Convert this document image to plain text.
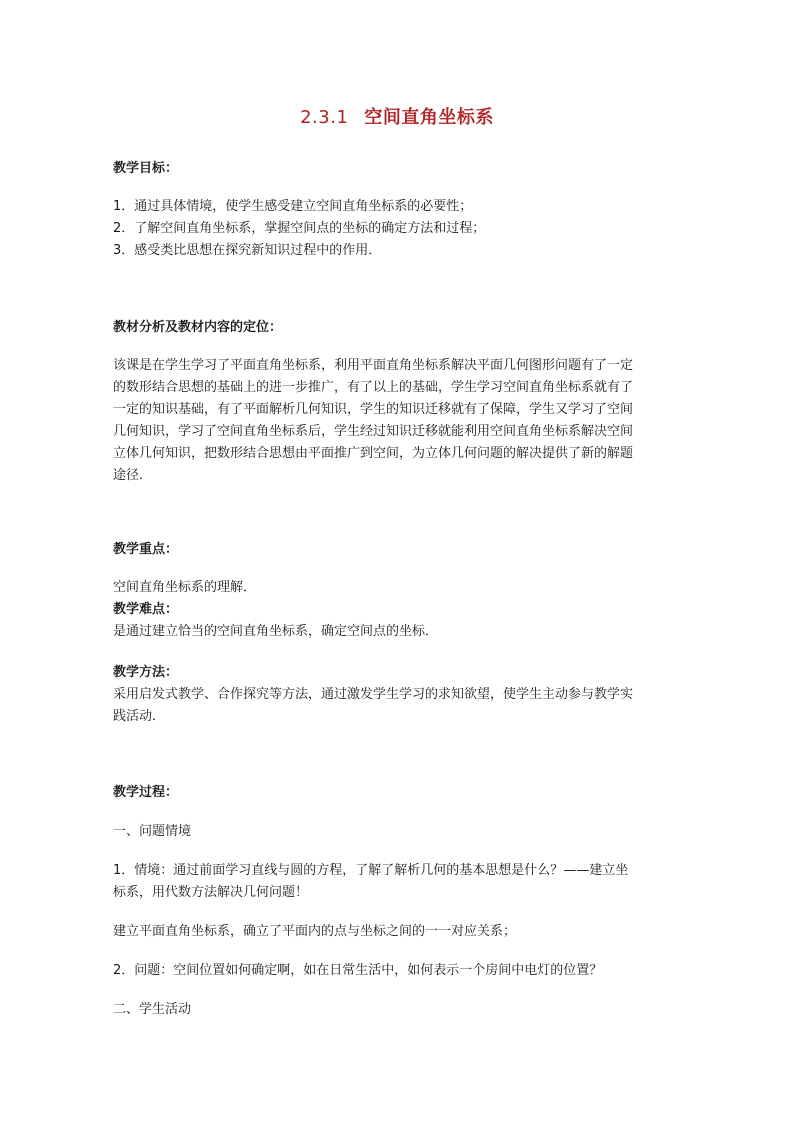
2.3.1 空间直角坐标系
教学目标：

1．通过具体情境，使学生感受建立空间直角坐标系的必要性；

2．了解空间直角坐标系，掌握空间点的坐标的确定方法和过程；

3．感受类比思想在探究新知识过程中的作用．

教材分析及教材内容的定位：

该课是在学生学习了平面直角坐标系，利用平面直角坐标系解决平面几何图形问题有了一定

的数形结合思想的基础上的进一步推广，有了以上的基础，学生学习空间直角坐标系就有了

一定的知识基础，有了平面解析几何知识，学生的知识迁移就有了保障，学生又学习了空间

几何知识，学习了空间直角坐标系后，学生经过知识迁移就能利用空间直角坐标系解决空间

立体几何知识，把数形结合思想由平面推广到空间，为立体几何问题的解决提供了新的解题

途径．

教学重点：
空间直角坐标系的理解．
教学难点：
是通过建立恰当的空间直角坐标系，确定空间点的坐标．
教学方法：

采用启发式教学、合作探究等方法，通过激发学生学习的求知欲望，使学生主动参与教学实

践活动．

教学过程：
一、问题情境

1．情境：通过前面学习直线与圆的方程，了解了解析几何的基本思想是什么？——建立坐

标系，用代数方法解决几何问题！

建立平面直角坐标系，确立了平面内的点与坐标之间的一一对应关系；
2．问题：空间位置如何确定啊，如在日常生活中，如何表示一个房间中电灯的位置？
二、学生活动
